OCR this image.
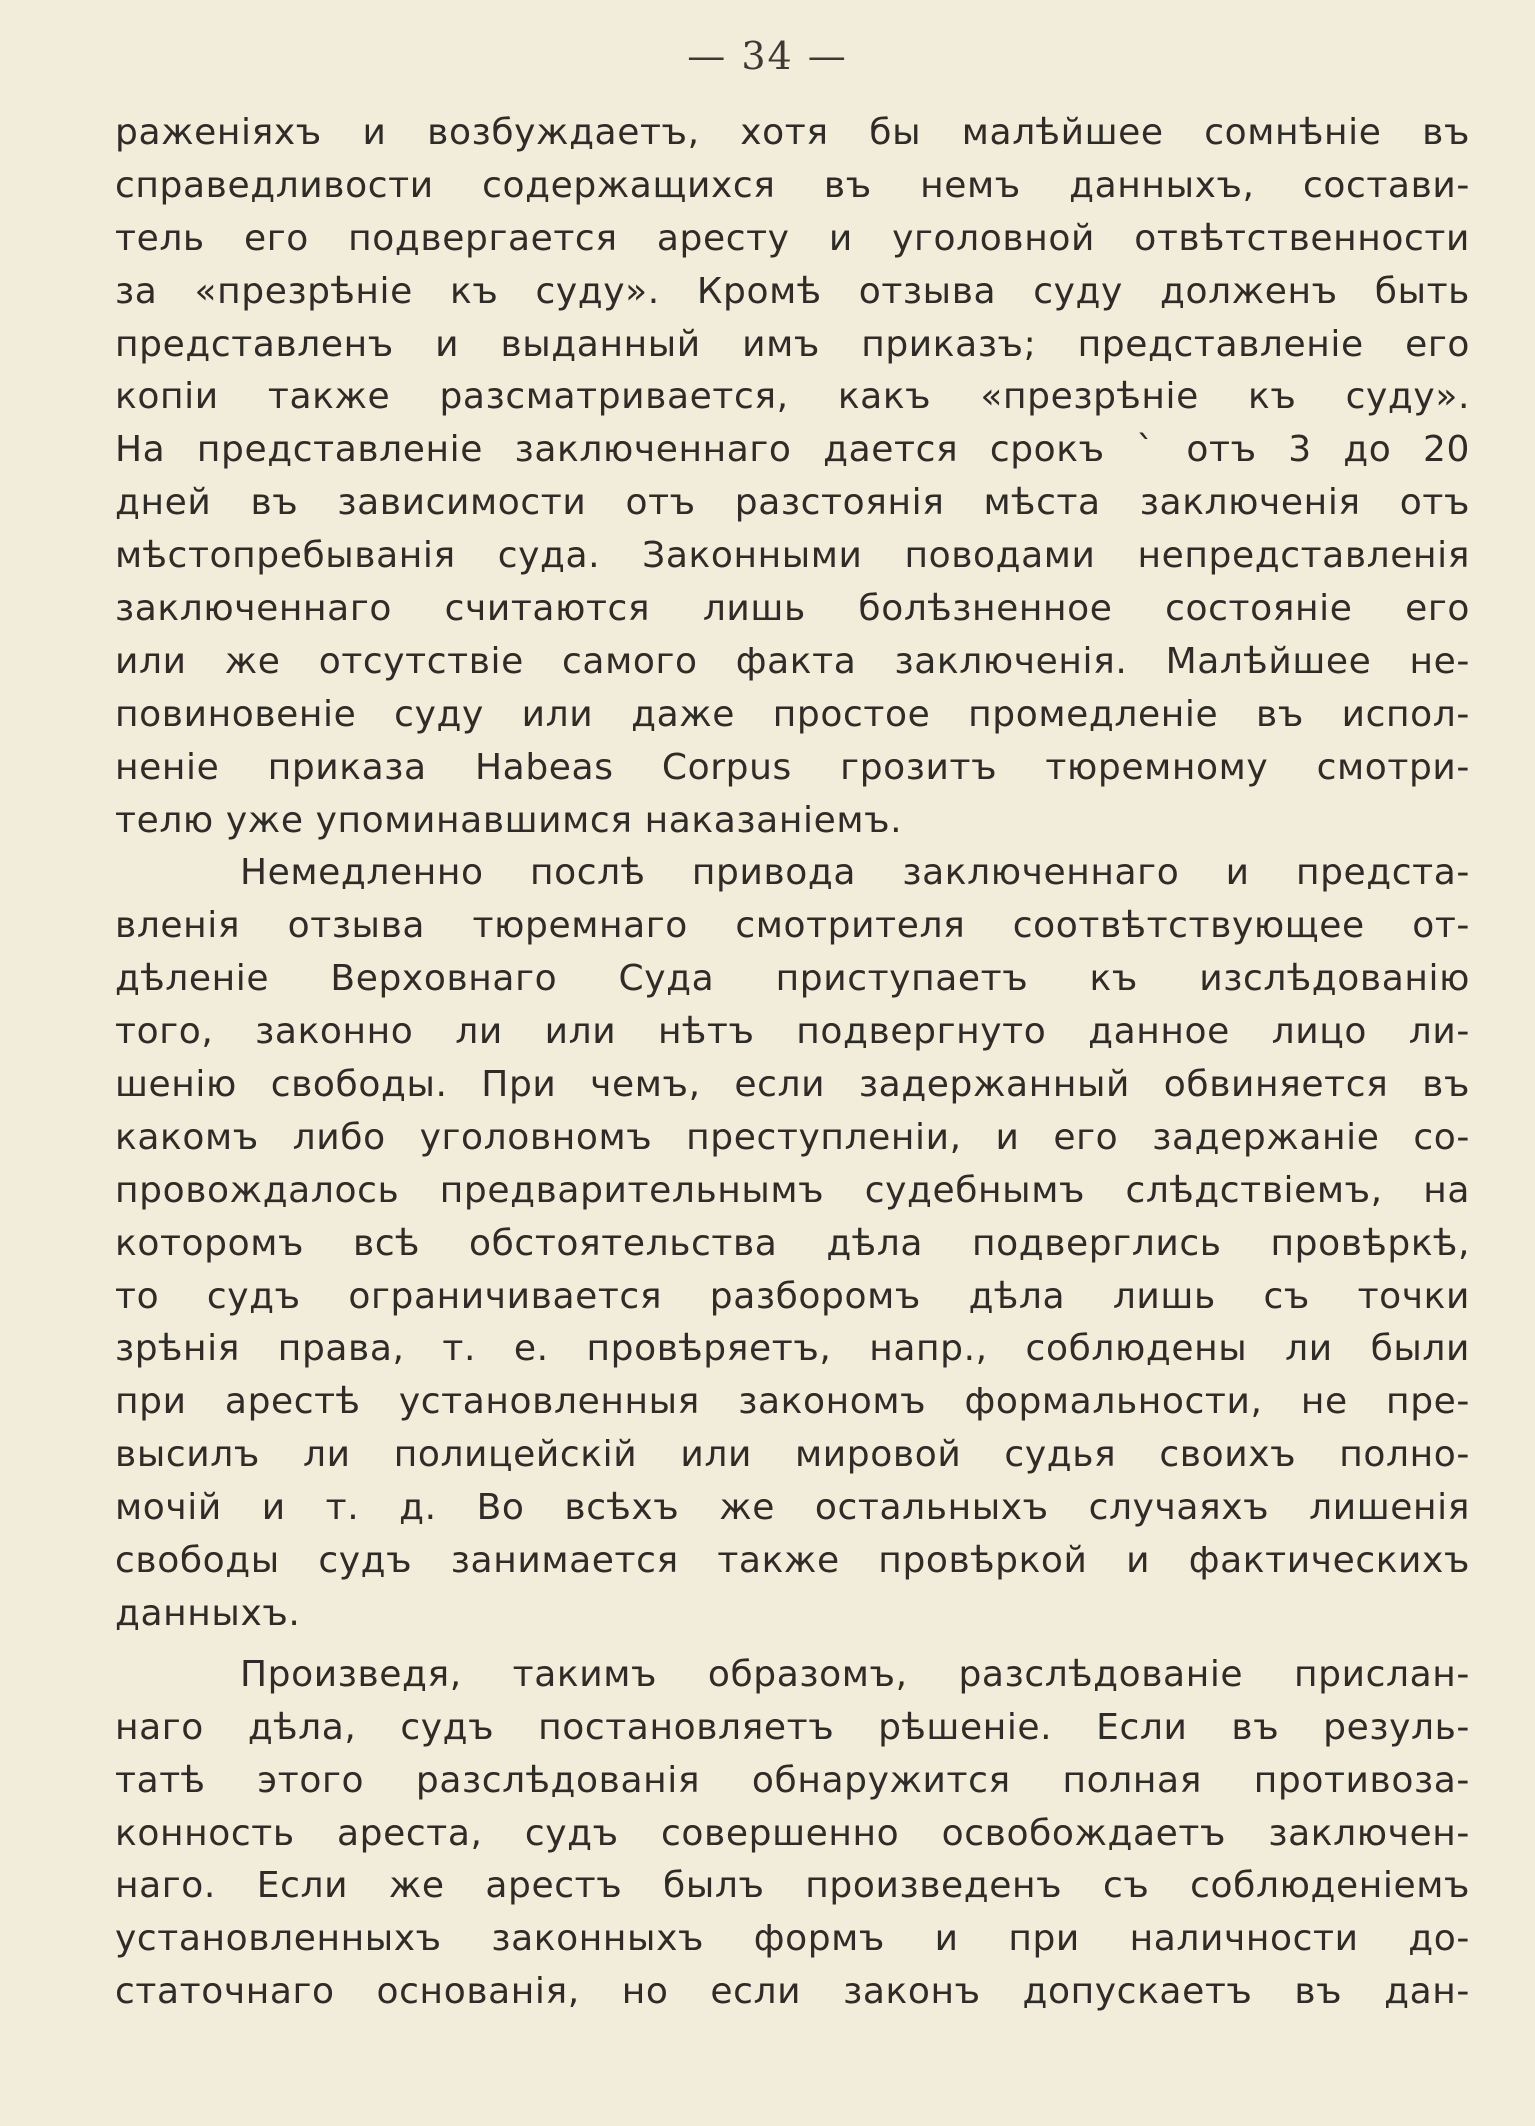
— 34 —
раженіяхъ и возбуждаетъ, хотя бы малѣйшее сомнѣніе въ
справедливости содержащихся въ немъ данныхъ, состави-
тель его подвергается аресту и уголовной отвѣтственности
за «презрѣніе къ суду». Кромѣ отзыва суду долженъ быть
представленъ и выданный имъ приказъ; представленіе его
копіи также разсматривается, какъ «презрѣніе къ суду».
На представленіе заключеннаго дается срокъ ` отъ 3 до 20
дней въ зависимости отъ разстоянія мѣста заключенія отъ
мѣстопребыванія суда. Законными поводами непредставленія
заключеннаго считаются лишь болѣзненное состояніе его
или же отсутствіе самого факта заключенія. Малѣйшее не-
повиновеніе суду или даже простое промедленіе въ испол-
неніе приказа Habeas Corpus грозитъ тюремному смотри-
телю уже упоминавшимся наказаніемъ.
Немедленно послѣ привода заключеннаго и предста-
вленія отзыва тюремнаго смотрителя соотвѣтствующее от-
дѣленіе Верховнаго Суда приступаетъ къ изслѣдованію
того, законно ли или нѣтъ подвергнуто данное лицо ли-
шенію свободы. При чемъ, если задержанный обвиняется въ
какомъ либо уголовномъ преступленіи, и его задержаніе со-
провождалось предварительнымъ судебнымъ слѣдствіемъ, на
которомъ всѣ обстоятельства дѣла подверглись провѣркѣ,
то судъ ограничивается разборомъ дѣла лишь съ точки
зрѣнія права, т. е. провѣряетъ, напр., соблюдены ли были
при арестѣ установленныя закономъ формальности, не пре-
высилъ ли полицейскій или мировой судья своихъ полно-
мочій и т. д. Во всѣхъ же остальныхъ случаяхъ лишенія
свободы судъ занимается также провѣркой и фактическихъ
данныхъ.
Произведя, такимъ образомъ, разслѣдованіе прислан-
наго дѣла, судъ постановляетъ рѣшеніе. Если въ резуль-
татѣ этого разслѣдованія обнаружится полная противоза-
конность ареста, судъ совершенно освобождаетъ заключен-
наго. Если же арестъ былъ произведенъ съ соблюденіемъ
установленныхъ законныхъ формъ и при наличности до-
статочнаго основанія, но если законъ допускаетъ въ дан-
